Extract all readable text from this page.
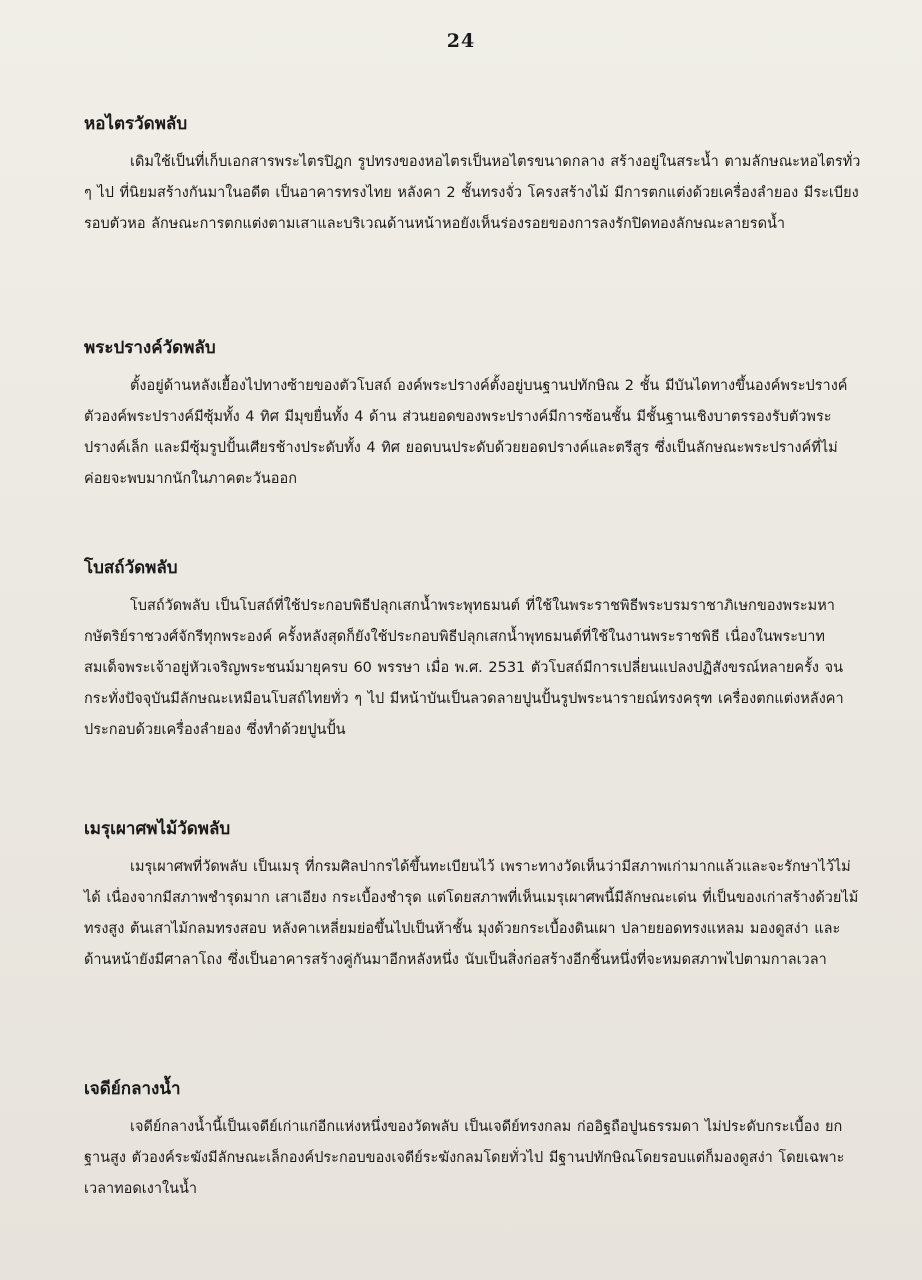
24
หอไตรวัดพลับ

เดิมใช้เป็นที่เก็บเอกสารพระไตรปิฎก รูปทรงของหอไตรเป็นหอไตรขนาดกลาง สร้างอยู่ในสระน้ำ ตามลักษณะหอไตรทั่ว ๆ ไป ที่นิยมสร้างกันมาในอดีต เป็นอาคารทรงไทย หลังคา 2 ชั้นทรงจั่ว โครงสร้างไม้ มีการตกแต่งด้วยเครื่องลำยอง มีระเบียงรอบตัวหอ ลักษณะการตกแต่งตามเสาและบริเวณด้านหน้าหอยังเห็นร่องรอยของการลงรักปิดทองลักษณะลายรดน้ำ

พระปรางค์วัดพลับ

ตั้งอยู่ด้านหลังเยื้องไปทางซ้ายของตัวโบสถ์ องค์พระปรางค์ตั้งอยู่บนฐานปทักษิณ 2 ชั้น มีบันไดทางขึ้นองค์พระปรางค์ตัวองค์พระปรางค์มีซุ้มทั้ง 4 ทิศ มีมุขยื่นทั้ง 4 ด้าน ส่วนยอดของพระปรางค์มีการซ้อนชั้น มีชั้นฐานเชิงบาตรรองรับตัวพระปรางค์เล็ก และมีซุ้มรูปปั้นเศียรช้างประดับทั้ง 4 ทิศ ยอดบนประดับด้วยยอดปรางค์และตรีสูร ซึ่งเป็นลักษณะพระปรางค์ที่ไม่ค่อยจะพบมากนักในภาคตะวันออก

โบสถ์วัดพลับ

โบสถ์วัดพลับ เป็นโบสถ์ที่ใช้ประกอบพิธีปลุกเสกน้ำพระพุทธมนต์ ที่ใช้ในพระราชพิธีพระบรมราชาภิเษกของพระมหากษัตริย์ราชวงศ์จักรีทุกพระองค์ ครั้งหลังสุดก็ยังใช้ประกอบพิธีปลุกเสกน้ำพุทธมนต์ที่ใช้ในงานพระราชพิธี เนื่องในพระบาทสมเด็จพระเจ้าอยู่หัวเจริญพระชนม์มายุครบ 60 พรรษา เมื่อ พ.ศ. 2531 ตัวโบสถ์มีการเปลี่ยนแปลงปฏิสังขรณ์หลายครั้ง จนกระทั่งปัจจุบันมีลักษณะเหมือนโบสถ์ไทยทั่ว ๆ ไป มีหน้าบันเป็นลวดลายปูนปั้นรูปพระนารายณ์ทรงครุฑ เครื่องตกแต่งหลังคาประกอบด้วยเครื่องลำยอง ซึ่งทำด้วยปูนปั้น

เมรุเผาศพไม้วัดพลับ

เมรุเผาศพที่วัดพลับ เป็นเมรุ ที่กรมศิลปากรได้ขึ้นทะเบียนไว้ เพราะทางวัดเห็นว่ามีสภาพเก่ามากแล้วและจะรักษาไว้ไม่ได้ เนื่องจากมีสภาพชำรุดมาก เสาเอียง กระเบื้องชำรุด แต่โดยสภาพที่เห็นเมรุเผาศพนี้มีลักษณะเด่น ที่เป็นของเก่าสร้างด้วยไม้ทรงสูง ต้นเสาไม้กลมทรงสอบ หลังคาเหลี่ยมย่อขึ้นไปเป็นห้าชั้น มุงด้วยกระเบื้องดินเผา ปลายยอดทรงแหลม มองดูสง่า และด้านหน้ายังมีศาลาโถง ซึ่งเป็นอาคารสร้างคู่กันมาอีกหลังหนึ่ง นับเป็นสิ่งก่อสร้างอีกชิ้นหนึ่งที่จะหมดสภาพไปตามกาลเวลา

เจดีย์กลางน้ำ

เจดีย์กลางน้ำนี้เป็นเจดีย์เก่าแก่อีกแห่งหนึ่งของวัดพลับ เป็นเจดีย์ทรงกลม ก่ออิฐถือปูนธรรมดา ไม่ประดับกระเบื้อง ยกฐานสูง ตัวองค์ระฆังมีลักษณะเล็กองค์ประกอบของเจดีย์ระฆังกลมโดยทั่วไป มีฐานปทักษิณโดยรอบแต่ก็มองดูสง่า โดยเฉพาะเวลาทอดเงาในน้ำ
